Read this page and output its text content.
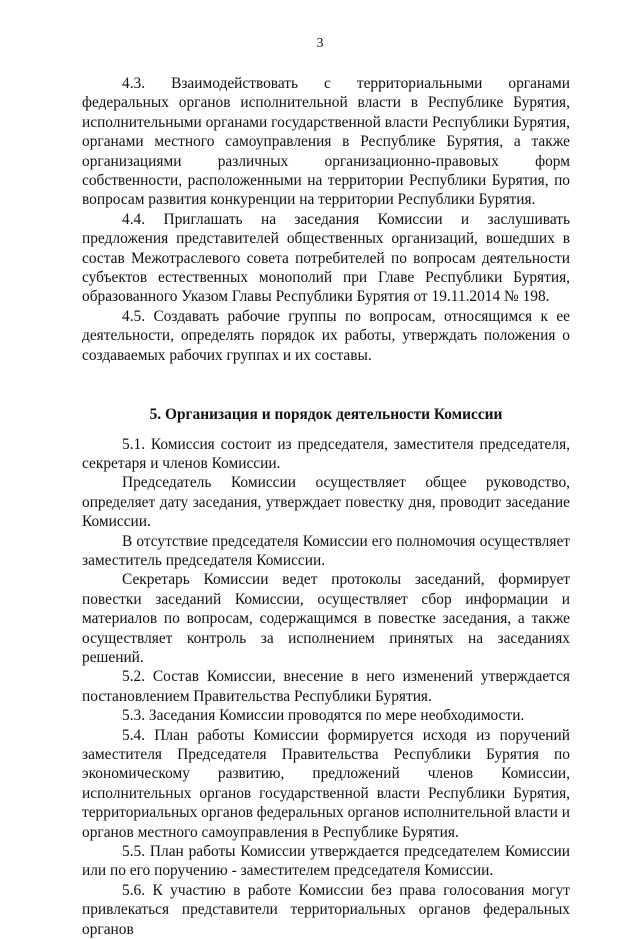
3

4.3. Взаимодействовать с территориальными органами федеральных органов исполнительной власти в Республике Бурятия, исполнительными органами государственной власти Республики Бурятия, органами местного самоуправления в Республике Бурятия, а также организациями различных организационно-правовых форм собственности, расположенными на территории Республики Бурятия, по вопросам развития конкуренции на территории Республики Бурятия.

4.4. Приглашать на заседания Комиссии и заслушивать предложения представителей общественных организаций, вошедших в состав Межотраслевого совета потребителей по вопросам деятельности субъектов естественных монополий при Главе Республики Бурятия, образованного Указом Главы Республики Бурятия от 19.11.2014 № 198.

4.5. Создавать рабочие группы по вопросам, относящимся к ее деятельности, определять порядок их работы, утверждать положения о создаваемых рабочих группах и их составы.

5. Организация и порядок деятельности Комиссии

5.1. Комиссия состоит из председателя, заместителя председателя, секретаря и членов Комиссии.

Председатель Комиссии осуществляет общее руководство, определяет дату заседания, утверждает повестку дня, проводит заседание Комиссии.

В отсутствие председателя Комиссии его полномочия осуществляет заместитель председателя Комиссии.

Секретарь Комиссии ведет протоколы заседаний, формирует повестки заседаний Комиссии, осуществляет сбор информации и материалов по вопросам, содержащимся в повестке заседания, а также осуществляет контроль за исполнением принятых на заседаниях решений.

5.2. Состав Комиссии, внесение в него изменений утверждается постановлением Правительства Республики Бурятия.

5.3. Заседания Комиссии проводятся по мере необходимости.

5.4. План работы Комиссии формируется исходя из поручений заместителя Председателя Правительства Республики Бурятия по экономическому развитию, предложений членов Комиссии, исполнительных органов государственной власти Республики Бурятия, территориальных органов федеральных органов исполнительной власти и органов местного самоуправления в Республике Бурятия.

5.5. План работы Комиссии утверждается председателем Комиссии или по его поручению - заместителем председателя Комиссии.

5.6. К участию в работе Комиссии без права голосования могут привлекаться представители территориальных органов федеральных органов
